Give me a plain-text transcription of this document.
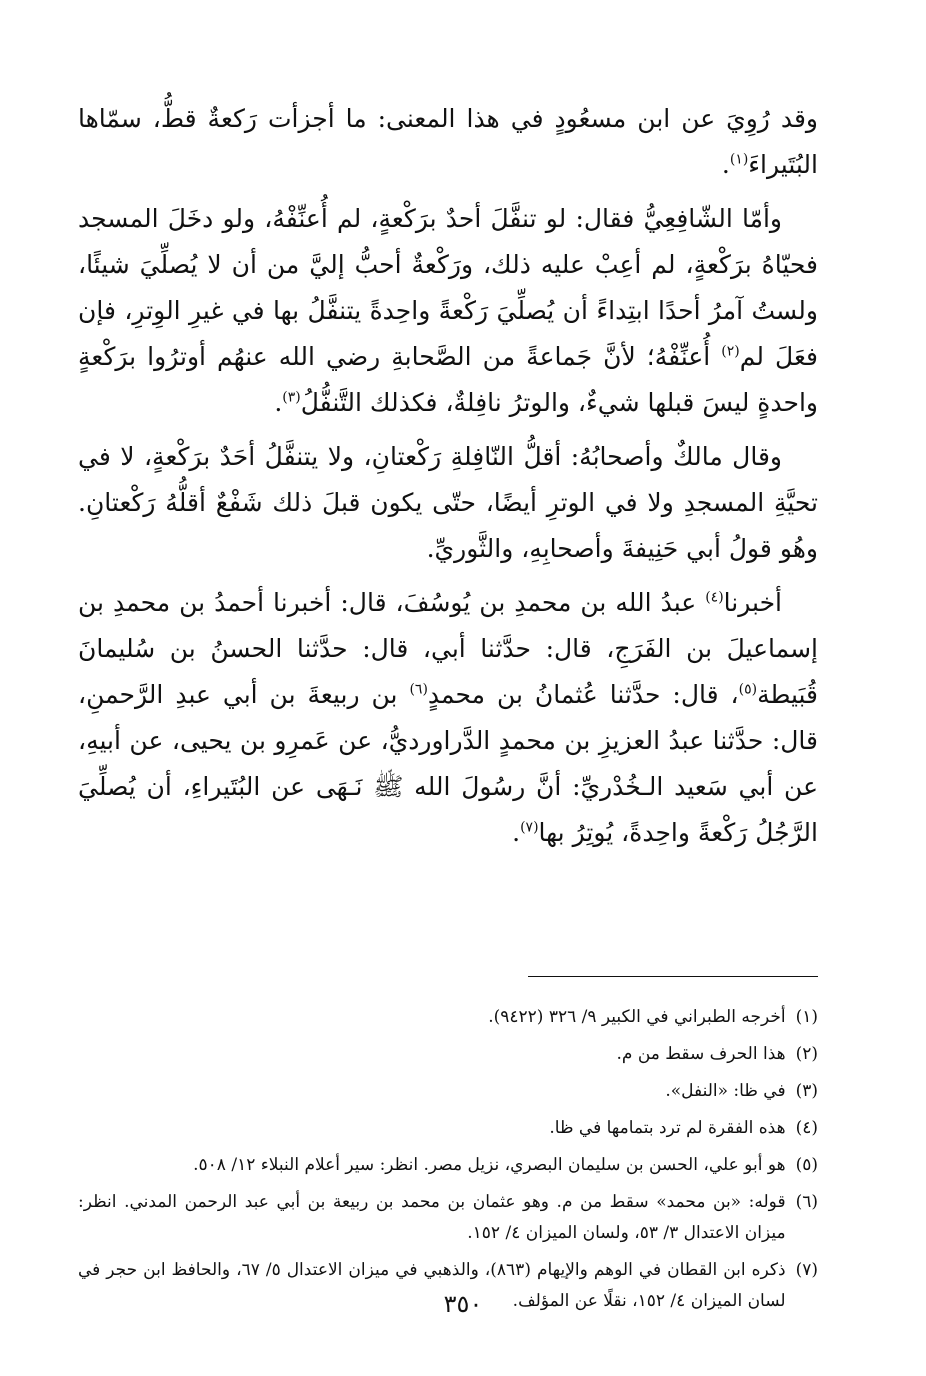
وقد رُوِيَ عن ابن مسعُودٍ في هذا المعنى: ما أجزأت رَكعةٌ قطُّ، سمّاها البُتَيراءَ$^{(١)}$.

وأمّا الشّافِعِيُّ فقال: لو تنفَّلَ أحدٌ برَكْعةٍ، لم أُعنِّفْهُ، ولو دخَلَ المسجد فحيّاهُ برَكْعةٍ، لم أعِبْ عليه ذلك، ورَكْعةٌ أحبُّ إليَّ من أن لا يُصلِّيَ شيئًا، ولستُ آمرُ أحدًا ابتِداءً أن يُصلِّيَ رَكْعةً واحِدةً يتنفَّلُ بها في غيرِ الوِترِ، فإن فعَلَ لم$^{(٢)}$ أُعنِّفْهُ؛ لأنَّ جَماعةً من الصَّحابةِ رضي الله عنهُم أوترُوا برَكْعةٍ واحدةٍ ليسَ قبلها شيءٌ، والوترُ نافِلةٌ، فكذلك التَّنفُّلُ$^{(٣)}$.

وقال مالكٌ وأصحابُهُ: أقلُّ النّافِلةِ رَكْعتانِ، ولا يتنفَّلُ أحَدٌ برَكْعةٍ، لا في تحيَّةِ المسجدِ ولا في الوترِ أيضًا، حتّى يكون قبلَ ذلك شَفْعٌ أقلُّهُ رَكْعتانِ. وهُو قولُ أبي حَنِيفةَ وأصحابِهِ، والثَّوريِّ.

أخبرنا$^{(٤)}$ عبدُ الله بن محمدِ بن يُوسُفَ، قال: أخبرنا أحمدُ بن محمدِ بن إسماعيلَ بن الفَرَجِ، قال: حدَّثنا أبي، قال: حدَّثنا الحسنُ بن سُليمانَ قُبَيطة$^{(٥)}$، قال: حدَّثنا عُثمانُ بن محمدٍ$^{(٦)}$ بن ربيعةَ بن أبي عبدِ الرَّحمنِ، قال: حدَّثنا عبدُ العزيزِ بن محمدٍ الدَّراورديُّ، عن عَمرِو بن يحيى، عن أبيهِ، عن أبي سَعيد الـخُدْريِّ: أنَّ رسُولَ الله ﷺ نَـهَى عن البُتَيراءِ، أن يُصلِّيَ الرَّجُلُ رَكْعةً واحِدةً، يُوتِرُ بها$^{(٧)}$.

(١)
أخرجه الطبراني في الكبير ٩/ ٣٢٦ (٩٤٢٢).
(٢)
هذا الحرف سقط من م.
(٣)
في ظا: «النفل».
(٤)
هذه الفقرة لم ترد بتمامها في ظا.
(٥)
هو أبو علي، الحسن بن سليمان البصري، نزيل مصر. انظر: سير أعلام النبلاء ١٢/ ٥٠٨.
(٦)
قوله: «بن محمد» سقط من م. وهو عثمان بن محمد بن ربيعة بن أبي عبد الرحمن المدني. انظر: ميزان الاعتدال ٣/ ٥٣، ولسان الميزان ٤/ ١٥٢.
(٧)
ذكره ابن القطان في الوهم والإيهام (٨٦٣)، والذهبي في ميزان الاعتدال ٥/ ٦٧، والحافظ ابن حجر في لسان الميزان ٤/ ١٥٢، نقلًا عن المؤلف.
٣٥٠
